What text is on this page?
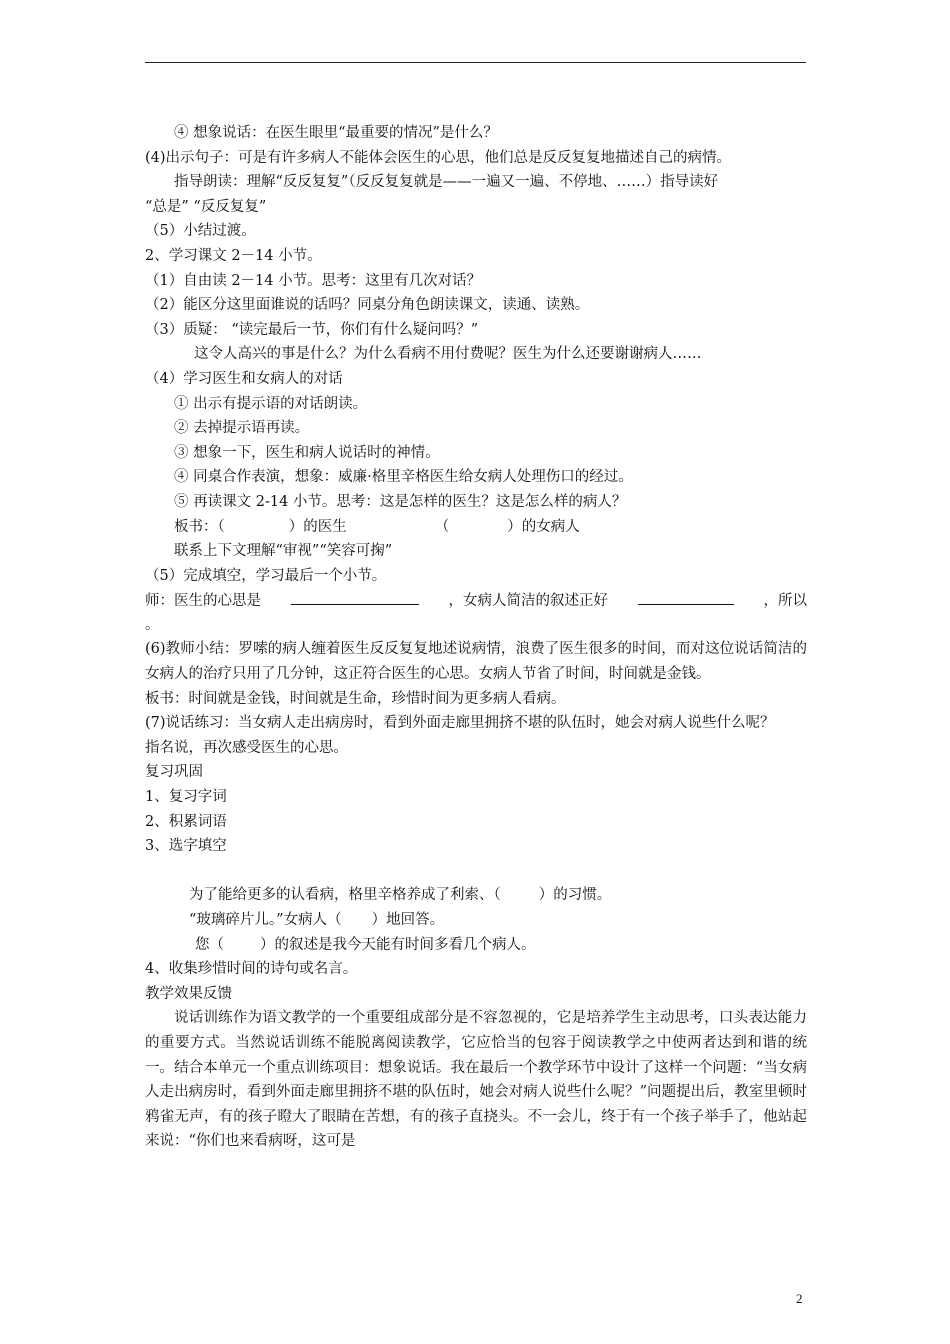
④ 想象说话：在医生眼里“最重要的情况”是什么？
(4)出示句子：可是有许多病人不能体会医生的心思，他们总是反反复复地描述自己的病情。
指导朗读：理解“反反复复”（反反复复就是——一遍又一遍、不停地、……）指导读好
“总是” “反反复复”
（5）小结过渡。
2、学习课文 2－14 小节。
（1）自由读 2－14 小节。思考：这里有几次对话？
（2）能区分这里面谁说的话吗？同桌分角色朗读课文，读通、读熟。
（3）质疑： “读完最后一节，你们有什么疑问吗？”
这令人高兴的事是什么？为什么看病不用付费呢？医生为什么还要谢谢病人……
（4）学习医生和女病人的对话
① 出示有提示语的对话朗读。
② 去掉提示语再读。
③ 想象一下，医生和病人说话时的神情。
④ 同桌合作表演，想象：威廉·格里辛格医生给女病人处理伤口的经过。
⑤ 再读课文 2-14 小节。思考：这是怎样的医生？这是怎么样的病人？
板书：（	）的医生	（	）的女病人
联系上下文理解“审视”“笑容可掬”
（5）完成填空，学习最后一个小节。
师：医生的心思是	，女病人简洁的叙述正好	，所以
。
(6)教师小结：罗嗦的病人缠着医生反反复复地述说病情，浪费了医生很多的时间，而对这位说话简洁的女病人的治疗只用了几分钟，这正符合医生的心思。女病人节省了时间，时间就是金钱。
板书：时间就是金钱，时间就是生命，珍惜时间为更多病人看病。
(7)说话练习：当女病人走出病房时，看到外面走廊里拥挤不堪的队伍时，她会对病人说些什么呢？
指名说，再次感受医生的心思。
复习巩固
1、复习字词
2、积累词语
3、选字填空
为了能给更多的认看病，格里辛格养成了利索、（	）的习惯。
“玻璃碎片儿。”女病人（ ）地回答。
您（ ）的叙述是我今天能有时间多看几个病人。
4、收集珍惜时间的诗句或名言。
教学效果反馈
说话训练作为语文教学的一个重要组成部分是不容忽视的，它是培养学生主动思考，口头表达能力的重要方式。当然说话训练不能脱离阅读教学，它应恰当的包容于阅读教学之中使两者达到和谐的统一。结合本单元一个重点训练项目：想象说话。我在最后一个教学环节中设计了这样一个问题：“当女病人走出病房时，看到外面走廊里拥挤不堪的队伍时，她会对病人说些什么呢？”问题提出后，教室里顿时鸦雀无声，有的孩子瞪大了眼睛在苦想，有的孩子直挠头。不一会儿，终于有一个孩子举手了，他站起来说：“你们也来看病呀，这可是
2
